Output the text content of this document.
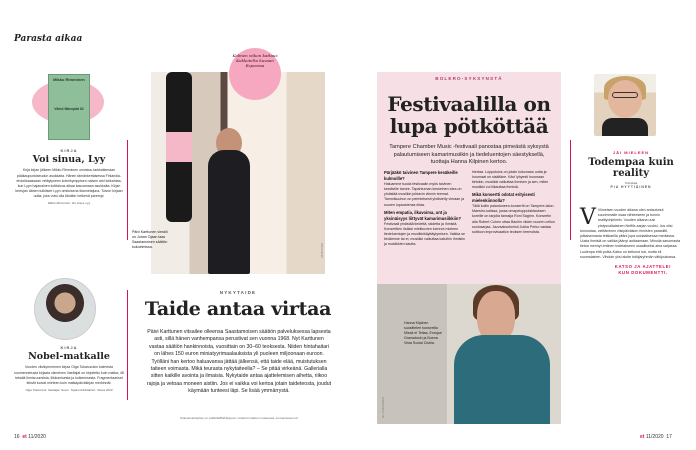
Parasta aikaa
Mikko Rimminen
Väinö Mäenpää 02
KIRJA
Voi sinua, Lyy
Kirja kirjan jälkeen Mikko Rimminen onnistuu tarkkailemaan pääkaupunkiseudun asukkaita. Hänen tämänkertaisessa Finlandia-ehdokkaassaan vetäytyneen kolmikymppisen naisen arki keikahtaa, kun Lyyn hajanainen kotitalous alkaa kasvamaan asukkaita. Kirjan kertojan äänen tulkitsee Lyyn omituisena tilannetajuna. Toivon kirjaan uutta, joka voisi olla tänäkin hetkenä parempi.
Mikko Rimminen: Voi sinua, Lyy
KIRJA
Nobel-matkalle
Vuoden viisikymmenen kirjaa Olga Tokarczukin kolmesta suomennetusta kirjasta viimeinen Vaeltajat on kirjoitettu kuin matka; 48 tekstiä ihmisruumiista, liikkumisesta ja kulkemisesta. Fragmentaariset tekstit tuovat mieleen kuin matkapäiväkirjan merkinnät.
Olga Tokarczuk: Vaeltajat. Suom. Tapani Kärkkäinen. Otava 2019
Kolmen viikon kattaus Kokkotelta kuvaan Espoossa
Päivi Karttunen vieraili on Juhan Ojaan taas Saastamoisen säätiön kokoelmissa.	JOHN SCAM
NYKYTAIDE
Taide antaa virtaa
Päivi Karttunen vitsailee olleensa Saastamoisen säätiön palveluksessa lapsesta asti, sillä hänen vanhempansa perustivat sen vuonna 1968. Nyt Karttunen vastaa säätiön hankinnoista, vuosittain on 30–60 teoksesta. Niiden hintahaitari on lähes 150 euron miniatyyrimaalauksista yli puoleen miljoonaan euroon. Työlläni han kertoo haluavansa jättää jälkensä, että taide elää, muistutuksen taiteen voimasta. Mikä teurasta nykytaiteella? – Se pitää virkeänä. Gallerialla sitten kaikille avointa ja ilmaisia. Nykytaide antaa ajattelemisen aihetta, riikoo rajoja ja vetoaa moneen aistiin. Jos ei vaikka voi kertoa jotain taideteosta, joudut käymään tunteesi läpi. Se lisää ymmärrystä.
Kokoelmanäyttely on esillä EMMA Espoon modernin taiteen museossa. emmamuseum.fi
16 et 11/2020
BOLERO-SYKSYNSTÄ
Festivaalilla on lupa pötköttää
Tampere Chamber Music -festivaali panostaa pimeästä syksystä palautumiseen kamarimusiikin ja tiedeluentojen säestyksellä, tuottaja Hanna Kilpinen kertoo.
Pärjääkö taivinen Tampere kesäkeille kulmoille?
Haluamme tuoda festivaalin myös taivinen kestäville tarvee. Tapahtuman keskeinen idea on yhdistää musiikin johtavin viinnin teemat. Tammikuuhun on perinteisesti yhdistelty vieraan ja suuren lupaustensa eilaa.
Miten empatia, ilkavoima, unt ja yksinäisyys liittyvät kamarimusiikkiin?
Festivaali yhdistää tiedettä, taidetta ja ihmistä. Konserttien lisäksi mielikuvien luennot mieleen tiedeluentojen ja musiikkikäyttäytymisen. Vaikka se tiedämme tai ei, musiikki vaikuttaa katuihin ihmisiin ja musiikkien kautta.
hiertaa. Lopputulos on jotain kokonaan uutta ja huomaat on sisältäne. Kävi lyhyesti huomaan tietokin, musiikki vaikuttaa ihmisen ja sen, miten musiikki voi liikauttaa ihmisiä.
Mikä konsertti odotat erityisesti mielenkiinnolla?
Tällä kollin palautuneen-konsertti on Tampere-talon Maestro-salissa, jossa omapeloppulaktauksen koreille on tarjolla tanssija Roni Sagrim. Konsertin alla Robert Cohen ottaa Bachin viiden nuoren cellon soolosarjaa. Jazzsaksofonisti Jukka Perko vastaa solttoon improvisaation teoksen teemoista.
Hanna Kilpinen suosittelee konserttia Missä ei Tellaa, Enrique Granadosin ja Buena Vista Social Clubia.
OLLI TIRKKONEN
JÄI MIELEEN
Todempaa kuin reality
Toimittaja
PIA HYYTIÄINEN
V Viimeisen vuoden aikana olen antautunut suurimmalle osaa viihteeseen ja tunnin realityohjelmiin. Vuoden aikana uusi yhdysvaltalainen Netflix-sarjan vuoksi. Jos olisi tunnustaa, viettäminen viisipäiväisen ihmisten parasiitti, julkaisemasta telkkarilla pitäni jopa sosiaalisessa mediassa. Uusia ihmisiä on vaikka jäänyt auttaamaan. Minulla sanomasta tietoa mennyt entinen todetakseen osaalliseksi aina sarjassa. Luulenpa että poika-Katso on kellunut isä, mutta eli suomalainen. Vihdoin yksi aloite tutkijaryhmän väkijoukossa.
KATSO JA AJATTELE!
KUN DOKUMENTTI.
et 11/2020 17
